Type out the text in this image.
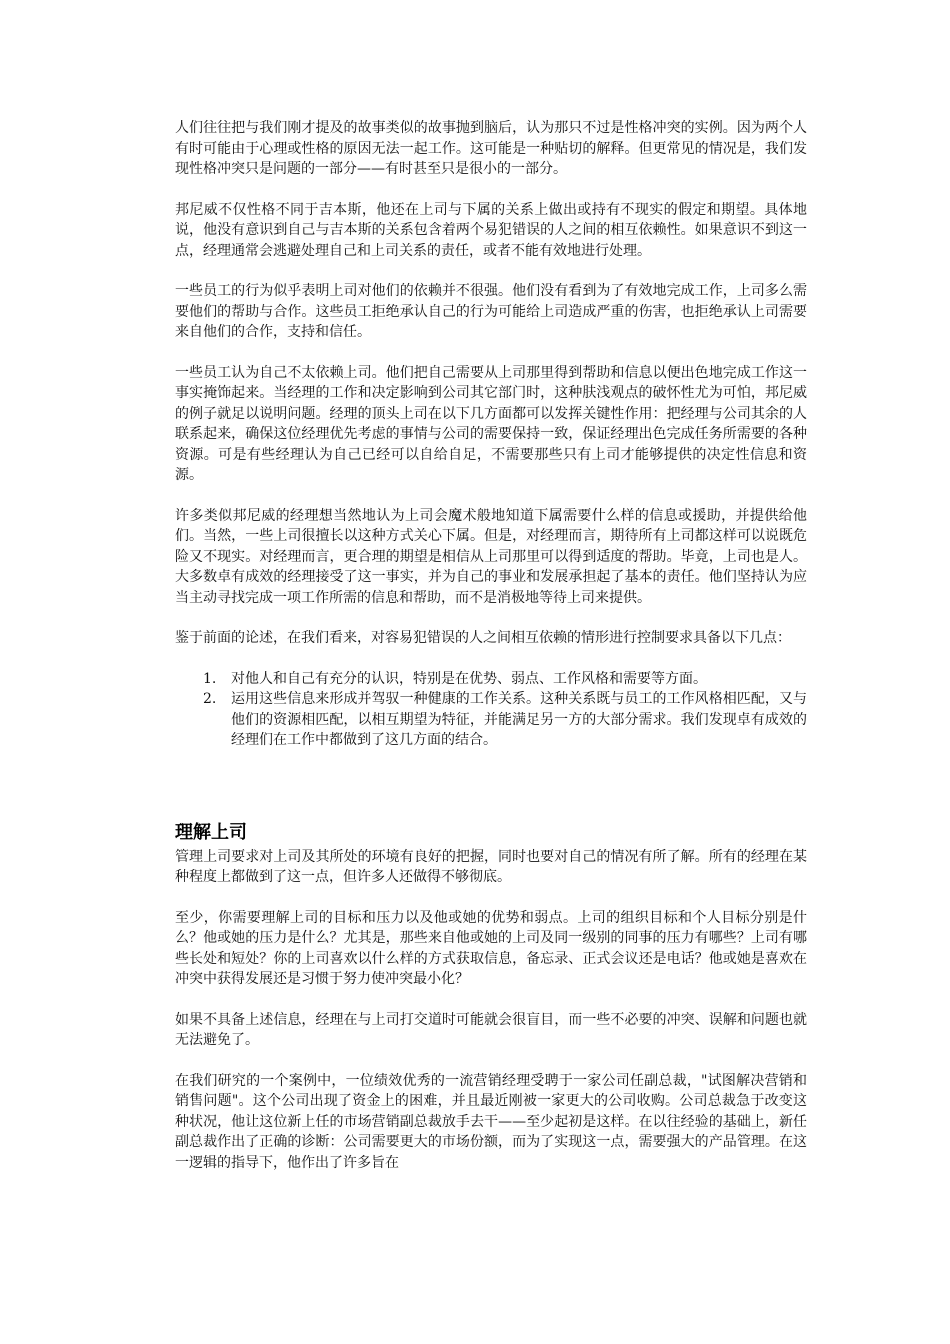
人们往往把与我们刚才提及的故事类似的故事抛到脑后，认为那只不过是性格冲突的实例。因为两个人有时可能由于心理或性格的原因无法一起工作。这可能是一种贴切的解释。但更常见的情况是，我们发现性格冲突只是问题的一部分——有时甚至只是很小的一部分。

邦尼威不仅性格不同于吉本斯，他还在上司与下属的关系上做出或持有不现实的假定和期望。具体地说，他没有意识到自己与吉本斯的关系包含着两个易犯错误的人之间的相互依赖性。如果意识不到这一点，经理通常会逃避处理自己和上司关系的责任，或者不能有效地进行处理。

一些员工的行为似乎表明上司对他们的依赖并不很强。他们没有看到为了有效地完成工作，上司多么需要他们的帮助与合作。这些员工拒绝承认自己的行为可能给上司造成严重的伤害，也拒绝承认上司需要来自他们的合作，支持和信任。

一些员工认为自己不太依赖上司。他们把自己需要从上司那里得到帮助和信息以便出色地完成工作这一事实掩饰起来。当经理的工作和决定影响到公司其它部门时，这种肤浅观点的破怀性尤为可怕，邦尼威的例子就足以说明问题。经理的顶头上司在以下几方面都可以发挥关键性作用：把经理与公司其余的人联系起来，确保这位经理优先考虑的事情与公司的需要保持一致，保证经理出色完成任务所需要的各种资源。可是有些经理认为自己已经可以自给自足，不需要那些只有上司才能够提供的决定性信息和资源。

许多类似邦尼威的经理想当然地认为上司会魔术般地知道下属需要什么样的信息或援助，并提供给他们。当然，一些上司很擅长以这种方式关心下属。但是，对经理而言，期待所有上司都这样可以说既危险又不现实。对经理而言，更合理的期望是相信从上司那里可以得到适度的帮助。毕竟，上司也是人。大多数卓有成效的经理接受了这一事实，并为自己的事业和发展承担起了基本的责任。他们坚持认为应当主动寻找完成一项工作所需的信息和帮助，而不是消极地等待上司来提供。

鉴于前面的论述，在我们看来，对容易犯错误的人之间相互依赖的情形进行控制要求具备以下几点：

1.	对他人和自己有充分的认识，特别是在优势、弱点、工作风格和需要等方面。
2.	运用这些信息来形成并驾驭一种健康的工作关系。这种关系既与员工的工作风格相匹配，又与他们的资源相匹配，以相互期望为特征，并能满足另一方的大部分需求。我们发现卓有成效的经理们在工作中都做到了这几方面的结合。
理解上司

管理上司要求对上司及其所处的环境有良好的把握，同时也要对自己的情况有所了解。所有的经理在某种程度上都做到了这一点，但许多人还做得不够彻底。

至少，你需要理解上司的目标和压力以及他或她的优势和弱点。上司的组织目标和个人目标分别是什么？他或她的压力是什么？尤其是，那些来自他或她的上司及同一级别的同事的压力有哪些？上司有哪些长处和短处？你的上司喜欢以什么样的方式获取信息，备忘录、正式会议还是电话？他或她是喜欢在冲突中获得发展还是习惯于努力使冲突最小化？

如果不具备上述信息，经理在与上司打交道时可能就会很盲目，而一些不必要的冲突、误解和问题也就无法避免了。

在我们研究的一个案例中，一位绩效优秀的一流营销经理受聘于一家公司任副总裁，"试图解决营销和销售问题"。这个公司出现了资金上的困难，并且最近刚被一家更大的公司收购。公司总裁急于改变这种状况，他让这位新上任的市场营销副总裁放手去干——至少起初是这样。在以往经验的基础上，新任副总裁作出了正确的诊断：公司需要更大的市场份额，而为了实现这一点，需要强大的产品管理。在这一逻辑的指导下，他作出了许多旨在
